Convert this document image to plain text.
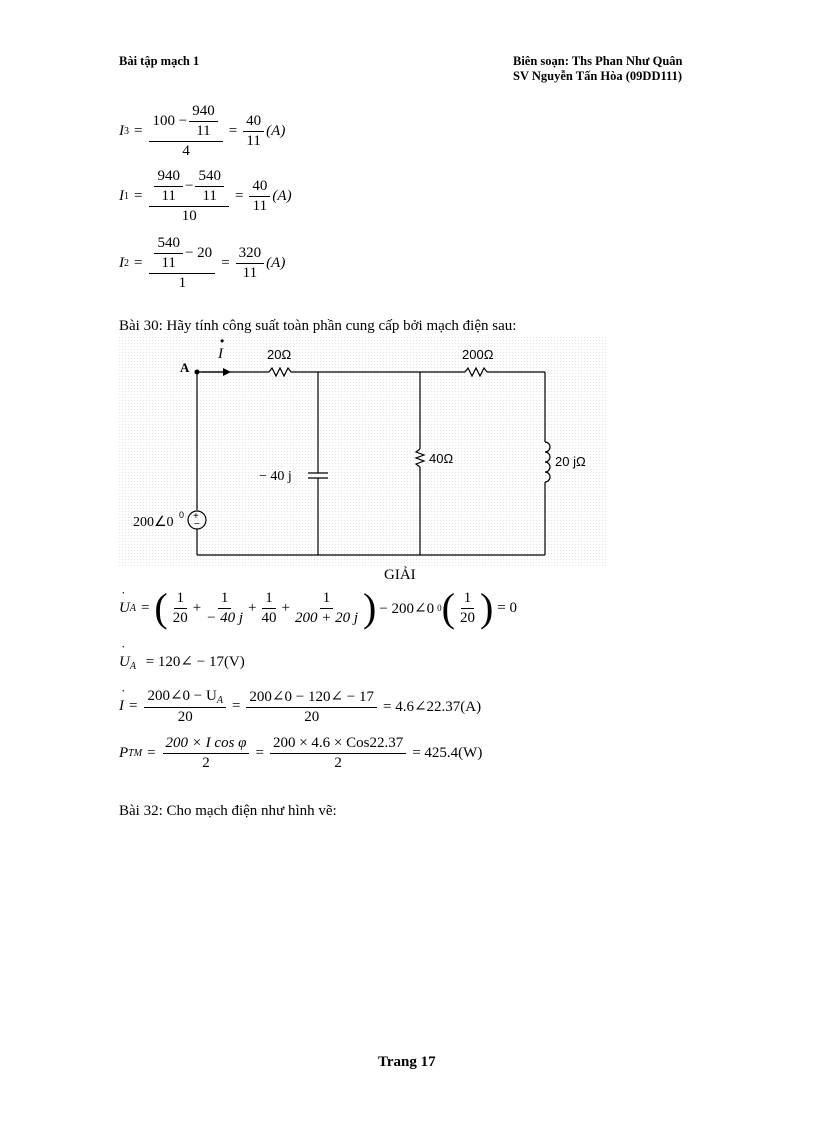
Bài tập mạch 1	Biên soạn: Ths Phan Như Quân
SV Nguyễn Tấn Hòa (09DD111)
I $3 = \frac{100 - \frac{940}{11}}{4} = \frac{40}{11} (A)$
I $1 = \frac{\frac{940}{11} - \frac{540}{11}}{10} = \frac{40}{11} (A)$
I $2 = \frac{\frac{540}{11} - 20}{1} = \frac{320}{11} (A)$
Bài 30: Hãy tính công suất toàn phần cung cấp bởi mạch điện sau:
A
I
•
20Ω	200Ω
− 40 j
40Ω	20 jΩ
200∠0 0 +
−
GIẢI
˙ U A = ( $\frac{1}{20} + \frac{1}{- 40 j} + \frac{1}{40} + \frac{1}{200 + 20 j}$ ) − 200∠0 0 ( $\frac{1}{20}$ ) = 0
˙ $U_A$ = 120∠ − 17(V)
˙ $I = \frac{200\angle 0 - U_A}{20} = \frac{200\angle 0 - 120\angle - 17}{20}$ = 4.6∠22.37(A)
P TM = $\frac{\text{200 × I cos φ}}{2} = \frac{\text{200 × 4.6 × Cos22.37}}{2} = 425.4(W)$
Bài 32: Cho mạch điện như hình vẽ:
Trang 17
